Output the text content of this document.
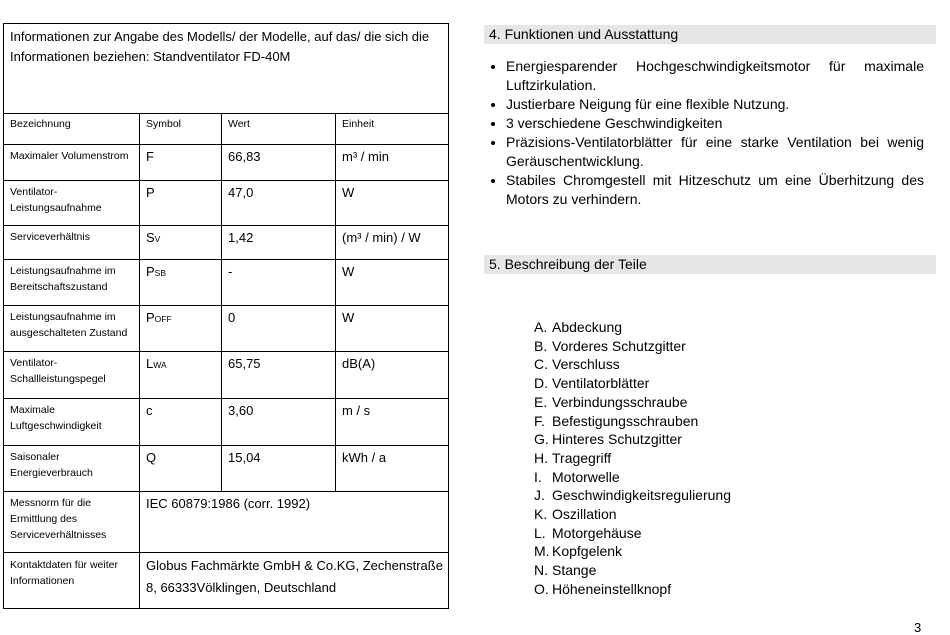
Informationen zur Angabe des Modells/ der Modelle, auf das/ die sich die Informationen beziehen: Standventilator FD-40M			
Bezeichnung	Symbol	Wert	Einheit
Maximaler Volumenstrom	F	66,83	m³ / min
Ventilator-Leistungsaufnahme	P	47,0	W
Serviceverhältnis	SV	1,42	(m³ / min) / W
Leistungsaufnahme im Bereitschaftszustand	PSB	-	W
Leistungsaufnahme im ausgeschalteten Zustand	POFF	0	W
Ventilator-Schallleistungspegel	LWA	65,75	dB(A)
Maximale Luftgeschwindigkeit	c	3,60	m / s
Saisonaler Energieverbrauch	Q	15,04	kWh / a
Messnorm für die Ermittlung des Serviceverhältnisses	IEC 60879:1986 (corr. 1992)		
Kontaktdaten für weiter Informationen	Globus Fachmärkte GmbH & Co.KG, Zechenstraße 8, 66333Völklingen, Deutschland		
4. Funktionen und Ausstattung
• Energiesparender Hochgeschwindigkeitsmotor für maximale Luftzirkulation.
• Justierbare Neigung für eine flexible Nutzung.
• 3 verschiedene Geschwindigkeiten
• Präzisions-Ventilatorblätter für eine starke Ventilation bei wenig Geräuschentwicklung.
• Stabiles Chromgestell mit Hitzeschutz um eine Überhitzung des Motors zu verhindern.
5. Beschreibung der Teile
A. Abdeckung
B. Vorderes Schutzgitter
C. Verschluss
D. Ventilatorblätter
E. Verbindungsschraube
F. Befestigungsschrauben
G. Hinteres Schutzgitter
H. Tragegriff
I. Motorwelle
J. Geschwindigkeitsregulierung
K. Oszillation
L. Motorgehäuse
M. Kopfgelenk
N. Stange
O. Höheneinstellknopf
3
